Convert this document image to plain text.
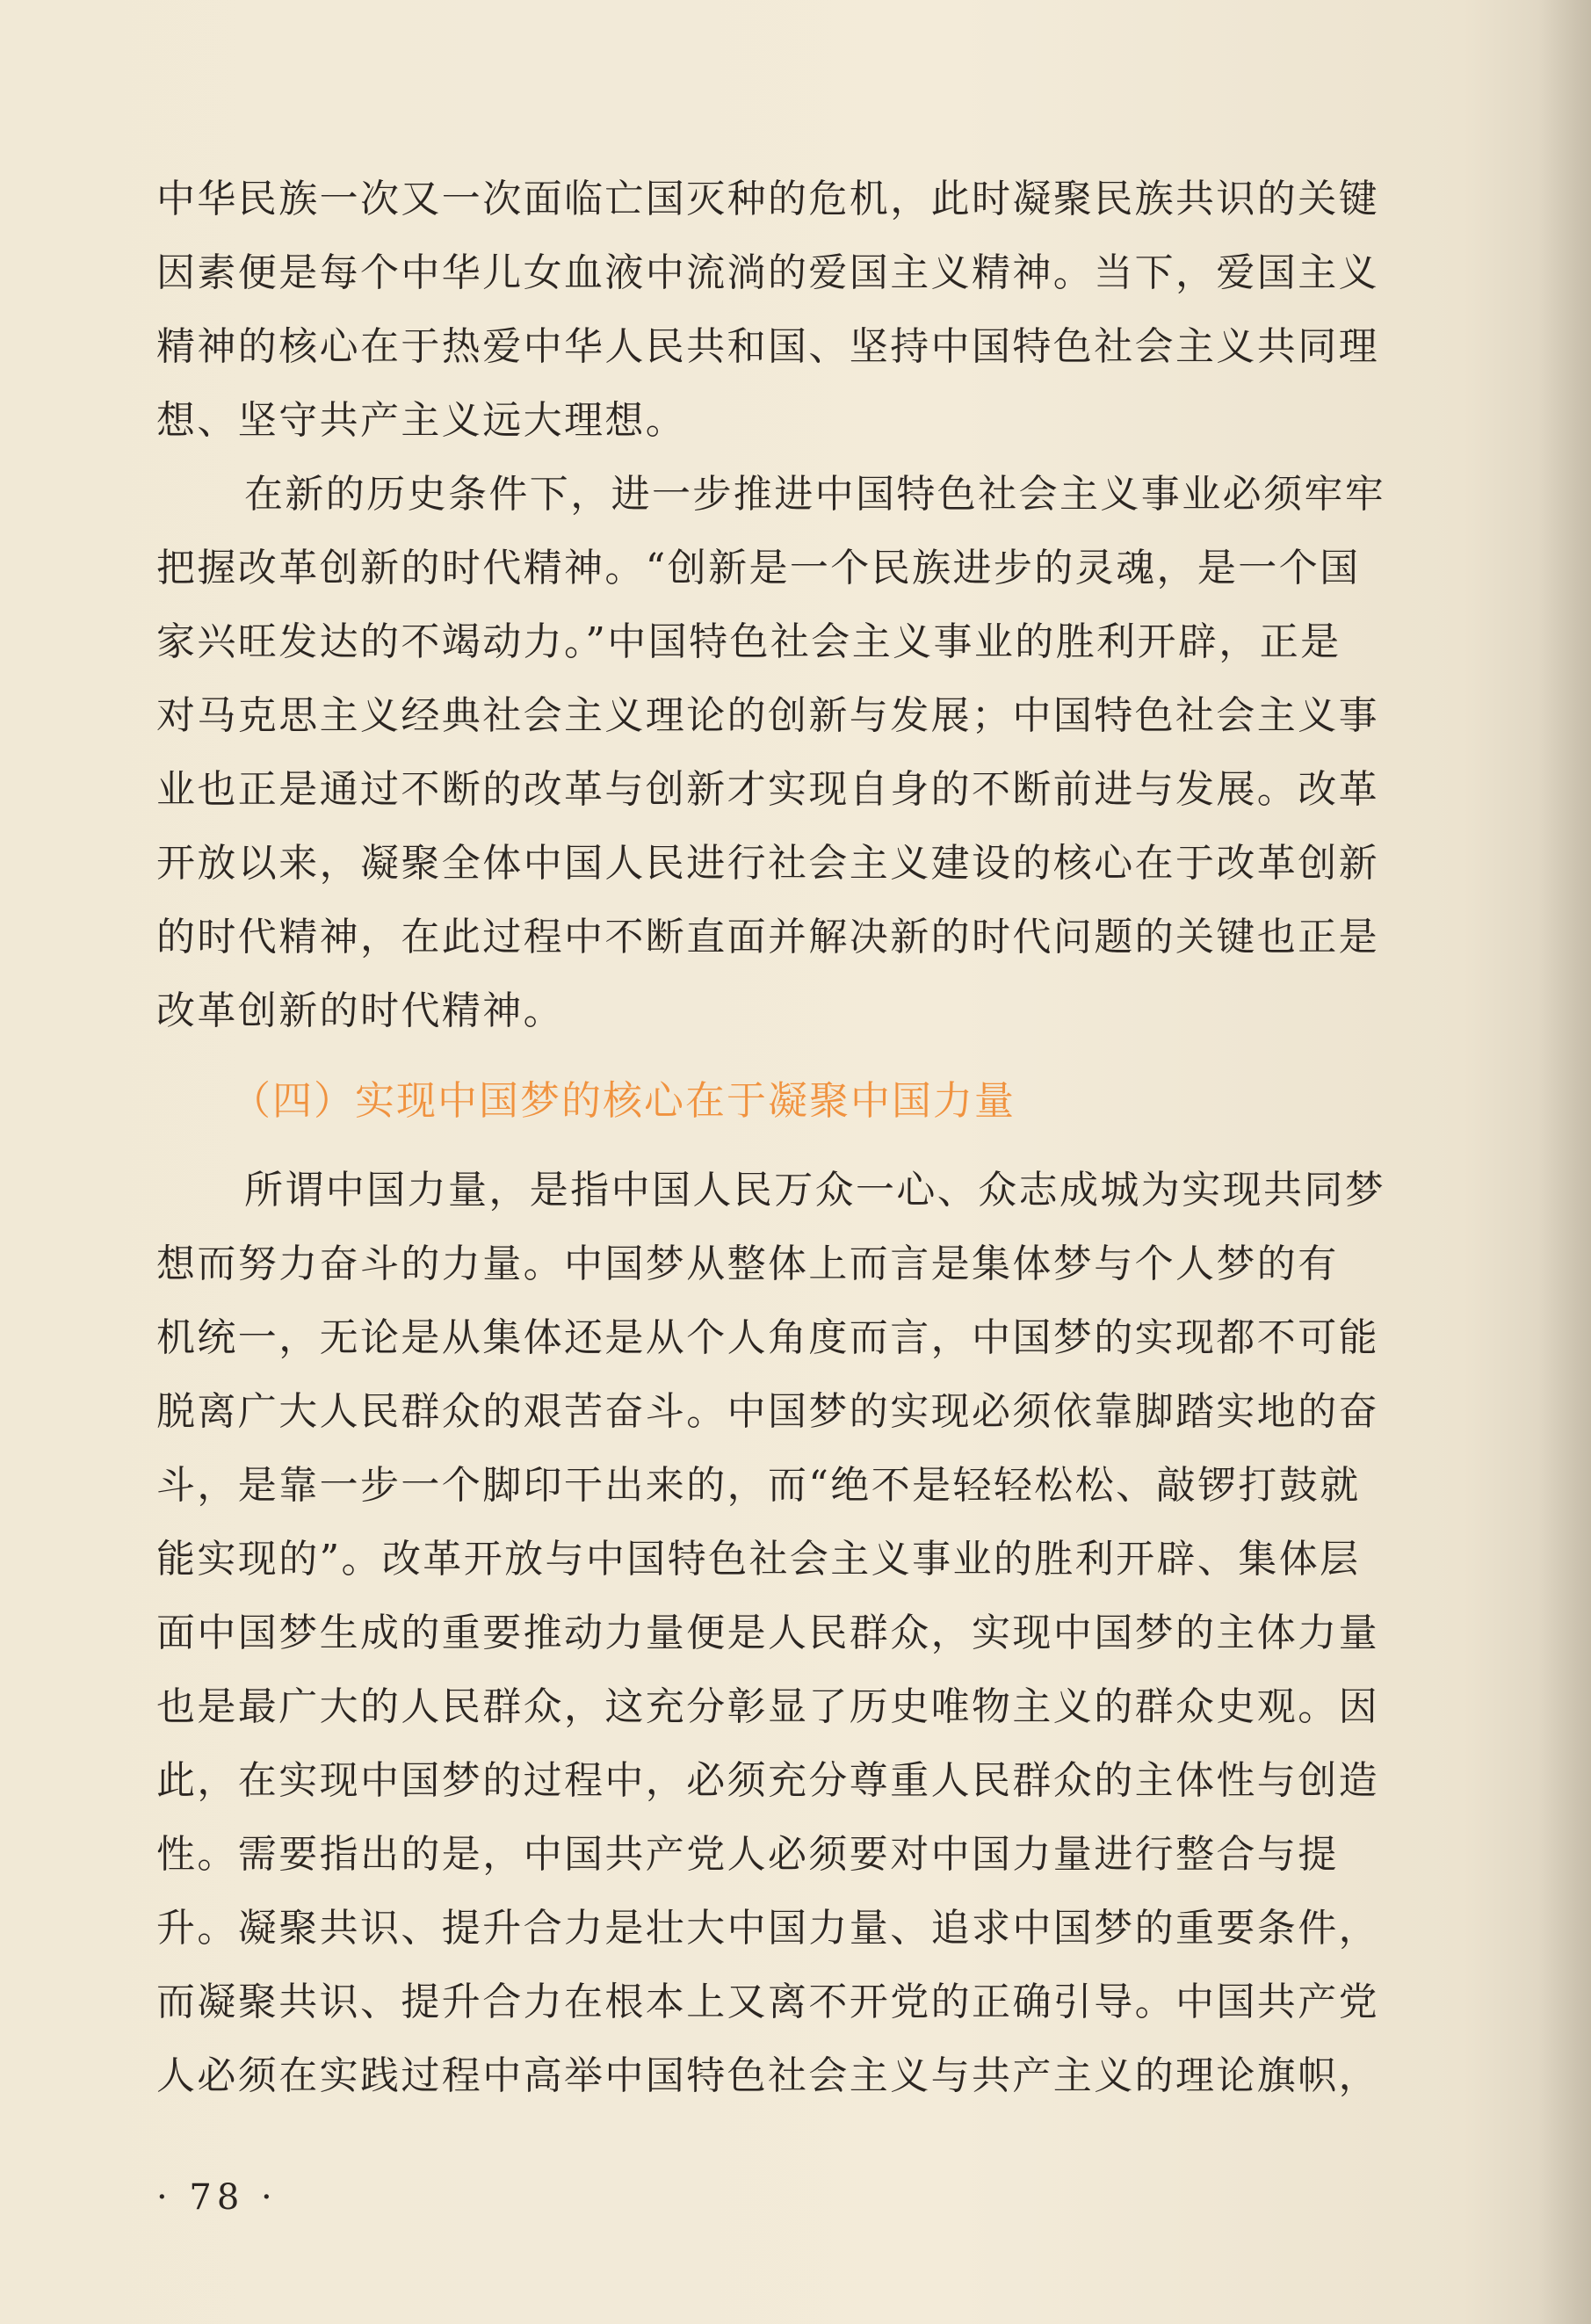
中华民族一次又一次面临亡国灭种的危机，此时凝聚民族共识的关键
因素便是每个中华儿女血液中流淌的爱国主义精神。当下，爱国主义
精神的核心在于热爱中华人民共和国、坚持中国特色社会主义共同理
想、坚守共产主义远大理想。
在新的历史条件下，进一步推进中国特色社会主义事业必须牢牢
把握改革创新的时代精神。“创新是一个民族进步的灵魂，是一个国
家兴旺发达的不竭动力。”中国特色社会主义事业的胜利开辟，正是
对马克思主义经典社会主义理论的创新与发展；中国特色社会主义事
业也正是通过不断的改革与创新才实现自身的不断前进与发展。改革
开放以来，凝聚全体中国人民进行社会主义建设的核心在于改革创新
的时代精神，在此过程中不断直面并解决新的时代问题的关键也正是
改革创新的时代精神。
（四）实现中国梦的核心在于凝聚中国力量
所谓中国力量，是指中国人民万众一心、众志成城为实现共同梦
想而努力奋斗的力量。中国梦从整体上而言是集体梦与个人梦的有
机统一，无论是从集体还是从个人角度而言，中国梦的实现都不可能
脱离广大人民群众的艰苦奋斗。中国梦的实现必须依靠脚踏实地的奋
斗，是靠一步一个脚印干出来的，而“绝不是轻轻松松、敲锣打鼓就
能实现的”。改革开放与中国特色社会主义事业的胜利开辟、集体层
面中国梦生成的重要推动力量便是人民群众，实现中国梦的主体力量
也是最广大的人民群众，这充分彰显了历史唯物主义的群众史观。因
此，在实现中国梦的过程中，必须充分尊重人民群众的主体性与创造
性。需要指出的是，中国共产党人必须要对中国力量进行整合与提
升。凝聚共识、提升合力是壮大中国力量、追求中国梦的重要条件，
而凝聚共识、提升合力在根本上又离不开党的正确引导。中国共产党
人必须在实践过程中高举中国特色社会主义与共产主义的理论旗帜，
· 78 ·
